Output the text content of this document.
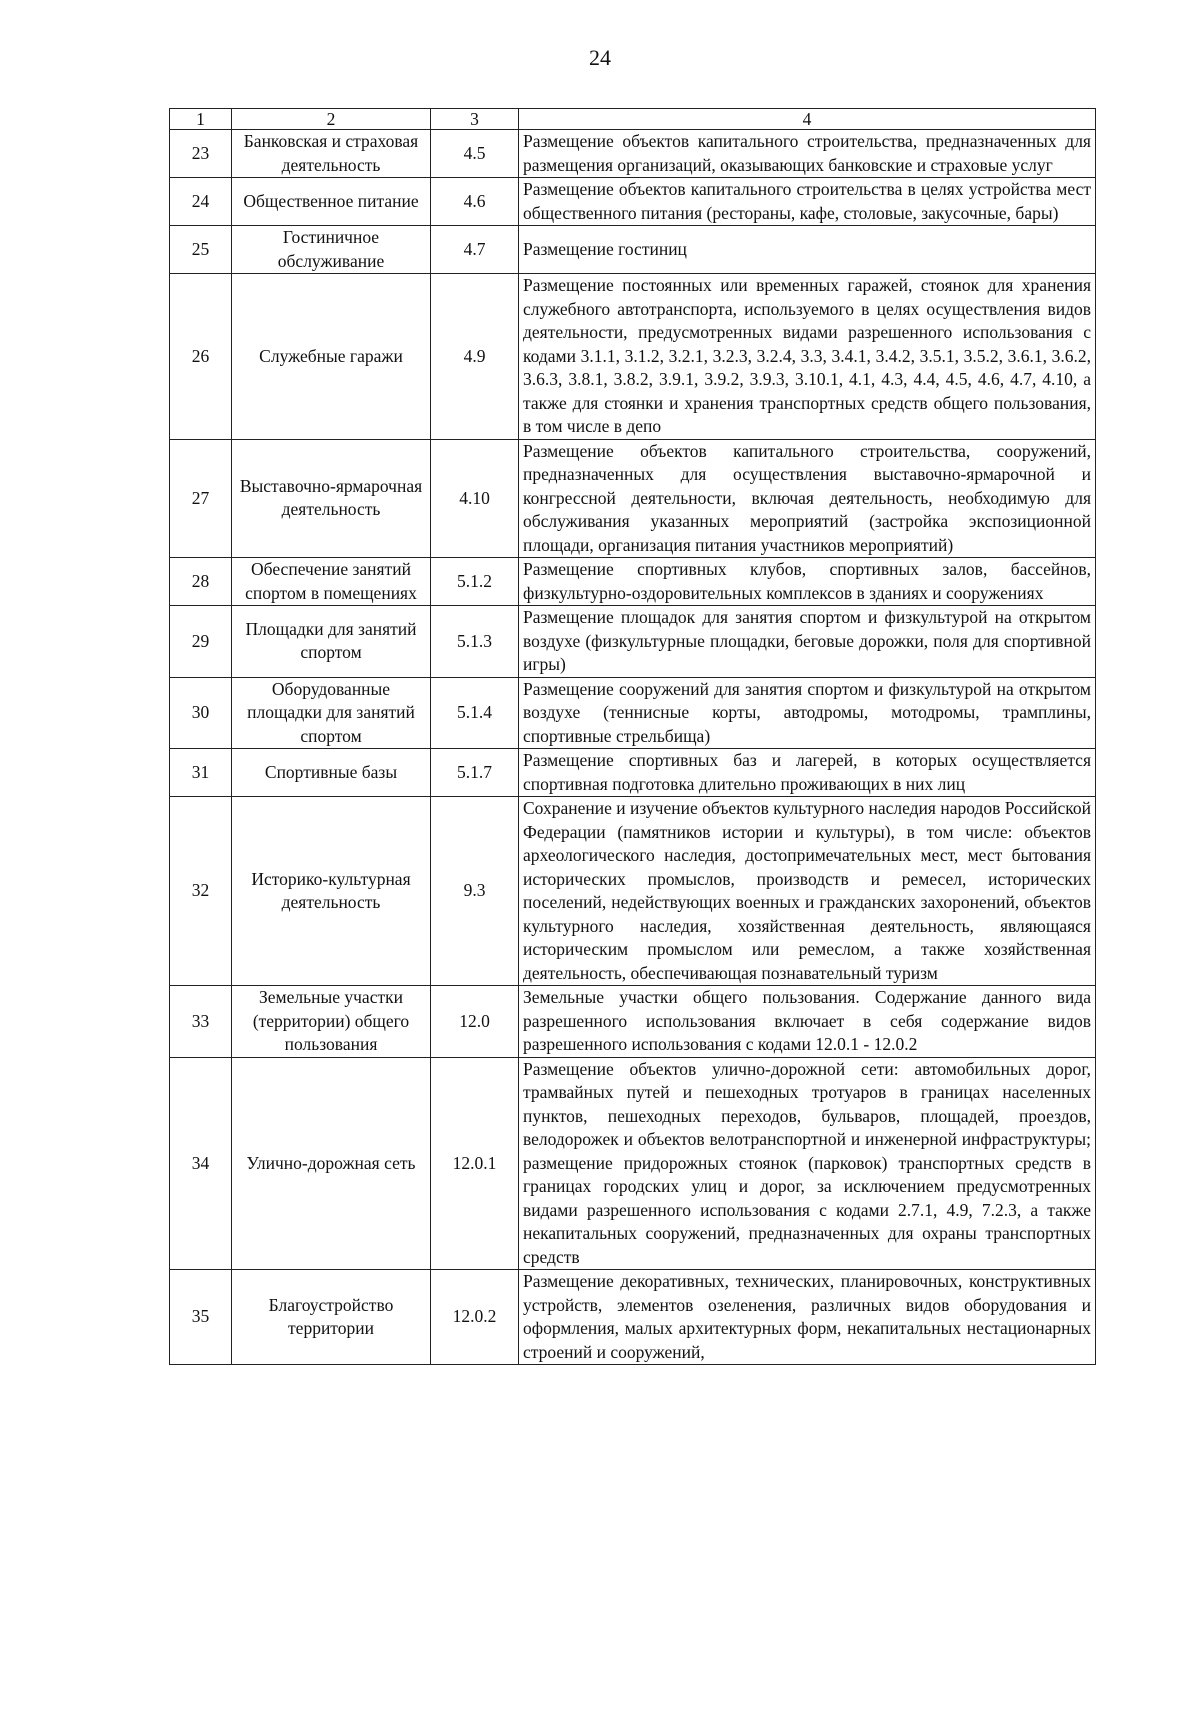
24
1	2	3	4
23	Банковская и страховая деятельность	4.5	Размещение объектов капитального строительства, предназначенных для размещения организаций, оказывающих банковские и страховые услуг
24	Общественное питание	4.6	Размещение объектов капитального строительства в целях устройства мест общественного питания (рестораны, кафе, столовые, закусочные, бары)
25	Гостиничное обслуживание	4.7	Размещение гостиниц
26	Служебные гаражи	4.9	Размещение постоянных или временных гаражей, стоянок для хранения служебного автотранспорта, используемого в целях осуществления видов деятельности, предусмотренных видами разрешенного использования с кодами 3.1.1, 3.1.2, 3.2.1, 3.2.3, 3.2.4, 3.3, 3.4.1, 3.4.2, 3.5.1, 3.5.2, 3.6.1, 3.6.2, 3.6.3, 3.8.1, 3.8.2, 3.9.1, 3.9.2, 3.9.3, 3.10.1, 4.1, 4.3, 4.4, 4.5, 4.6, 4.7, 4.10, а также для стоянки и хранения транспортных средств общего пользования, в том числе в депо
27	Выставочно-ярмарочная деятельность	4.10	Размещение объектов капитального строительства, сооружений, предназначенных для осуществления выставочно-ярмарочной и конгрессной деятельности, включая деятельность, необходимую для обслуживания указанных мероприятий (застройка экспозиционной площади, организация питания участников мероприятий)
28	Обеспечение занятий спортом в помещениях	5.1.2	Размещение спортивных клубов, спортивных залов, бассейнов, физкультурно-оздоровительных комплексов в зданиях и сооружениях
29	Площадки для занятий спортом	5.1.3	Размещение площадок для занятия спортом и физкультурой на открытом воздухе (физкультурные площадки, беговые дорожки, поля для спортивной игры)
30	Оборудованные площадки для занятий спортом	5.1.4	Размещение сооружений для занятия спортом и физкультурой на открытом воздухе (теннисные корты, автодромы, мотодромы, трамплины, спортивные стрельбища)
31	Спортивные базы	5.1.7	Размещение спортивных баз и лагерей, в которых осуществляется спортивная подготовка длительно проживающих в них лиц
32	Историко-культурная деятельность	9.3	Сохранение и изучение объектов культурного наследия народов Российской Федерации (памятников истории и культуры), в том числе: объектов археологического наследия, достопримечательных мест, мест бытования исторических промыслов, производств и ремесел, исторических поселений, недействующих военных и гражданских захоронений, объектов культурного наследия, хозяйственная деятельность, являющаяся историческим промыслом или ремеслом, а также хозяйственная деятельность, обеспечивающая познавательный туризм
33	Земельные участки (территории) общего пользования	12.0	Земельные участки общего пользования. Содержание данного вида разрешенного использования включает в себя содержание видов разрешенного использования с кодами 12.0.1 - 12.0.2
34	Улично-дорожная сеть	12.0.1	Размещение объектов улично-дорожной сети: автомобильных дорог, трамвайных путей и пешеходных тротуаров в границах населенных пунктов, пешеходных переходов, бульваров, площадей, проездов, велодорожек и объектов велотранспортной и инженерной инфраструктуры; размещение придорожных стоянок (парковок) транспортных средств в границах городских улиц и дорог, за исключением предусмотренных видами разрешенного использования с кодами 2.7.1, 4.9, 7.2.3, а также некапитальных сооружений, предназначенных для охраны транспортных средств
35	Благоустройство территории	12.0.2	Размещение декоративных, технических, планировочных, конструктивных устройств, элементов озеленения, различных видов оборудования и оформления, малых архитектурных форм, некапитальных нестационарных строений и сооружений,
